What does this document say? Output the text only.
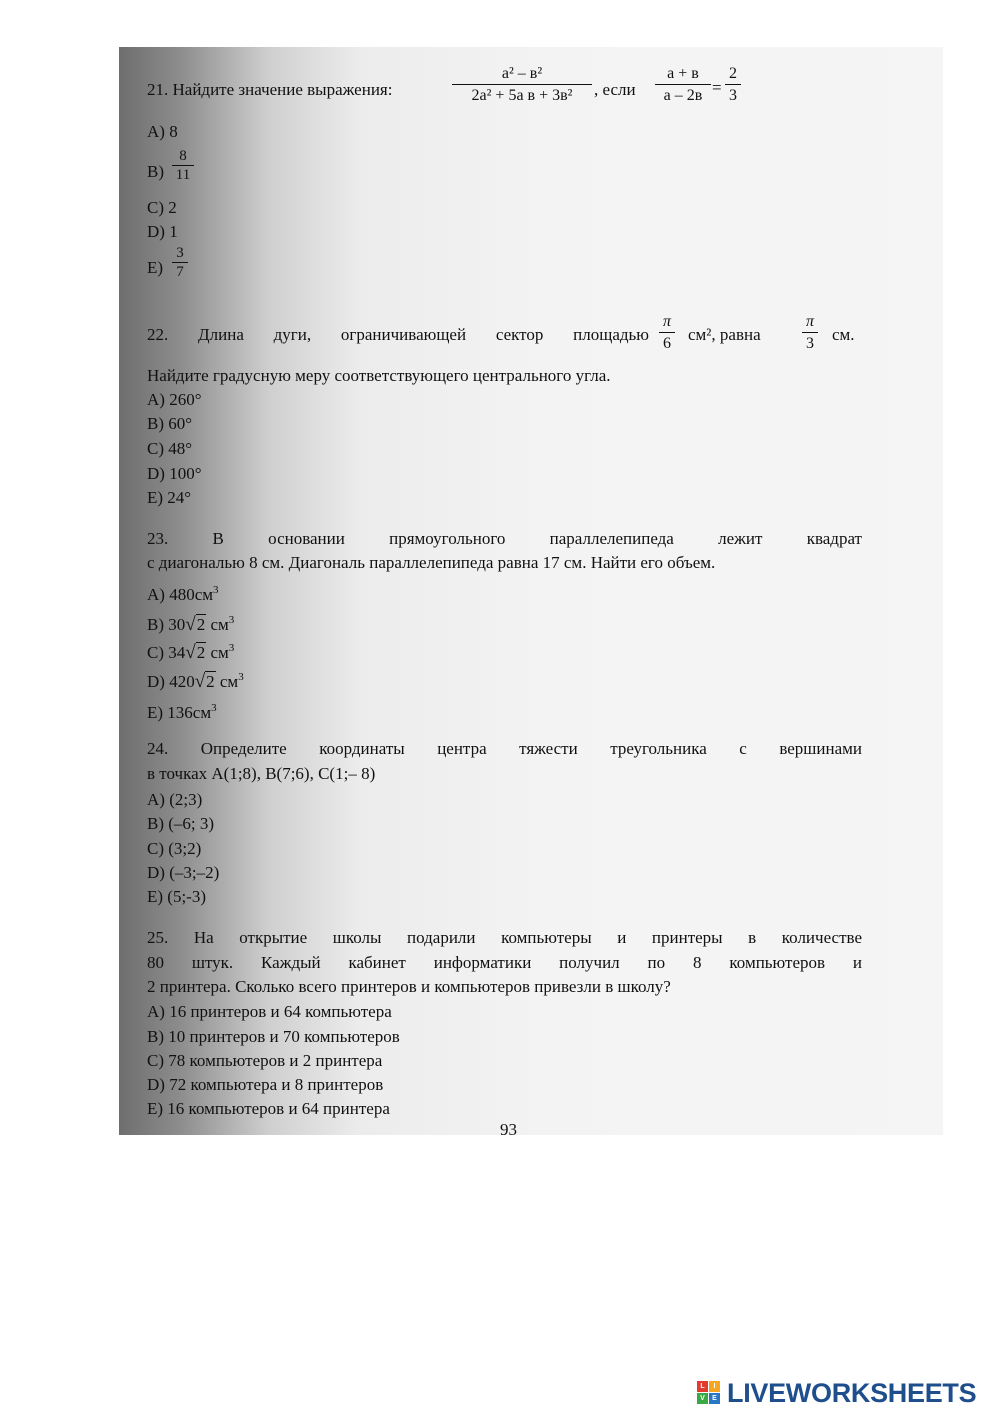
21. Найдите значение выражения:
a² – в²
2a² + 5a в + 3в²	, если
a + в
a – 2в =
2
3
A) 8
B)
8
11
C) 2
D) 1
E)
3
7
22. Длина дуги, ограничивающей сектор площадью
π
6 см², равна
π
3 см.
Найдите градусную меру соответствующего центрального угла.
A) 260°
B) 60°
C) 48°
D) 100°
E) 24°
23. В основании прямоугольного параллелепипеда лежит квадрат
с диагональю 8 см. Диагональ параллелепипеда равна 17 см. Найти его объем.
A) $480см^3$
B) 30√2 $см^3$
C) 34√2 $см^3$
D) 420√2 $см^3$
E) $136см^3$
24. Определите координаты центра тяжести треугольника с вершинами
в точках A(1;8), B(7;6), C(1;– 8)
A) (2;3)
B) (–6; 3)
C) (3;2)
D) (–3;–2)
E) (5;-3)
25. На открытие школы подарили компьютеры и принтеры в количестве
80 штук. Каждый кабинет информатики получил по 8 компьютеров и
2 принтера. Сколько всего принтеров и компьютеров привезли в школу?
A) 16 принтеров и 64 компьютера
B) 10 принтеров и 70 компьютеров
C) 78 компьютеров и 2 принтера
D) 72 компьютера и 8 принтеров
E) 16 компьютеров и 64 принтера
93
L	I
V	E LIVEWORKSHEETS
